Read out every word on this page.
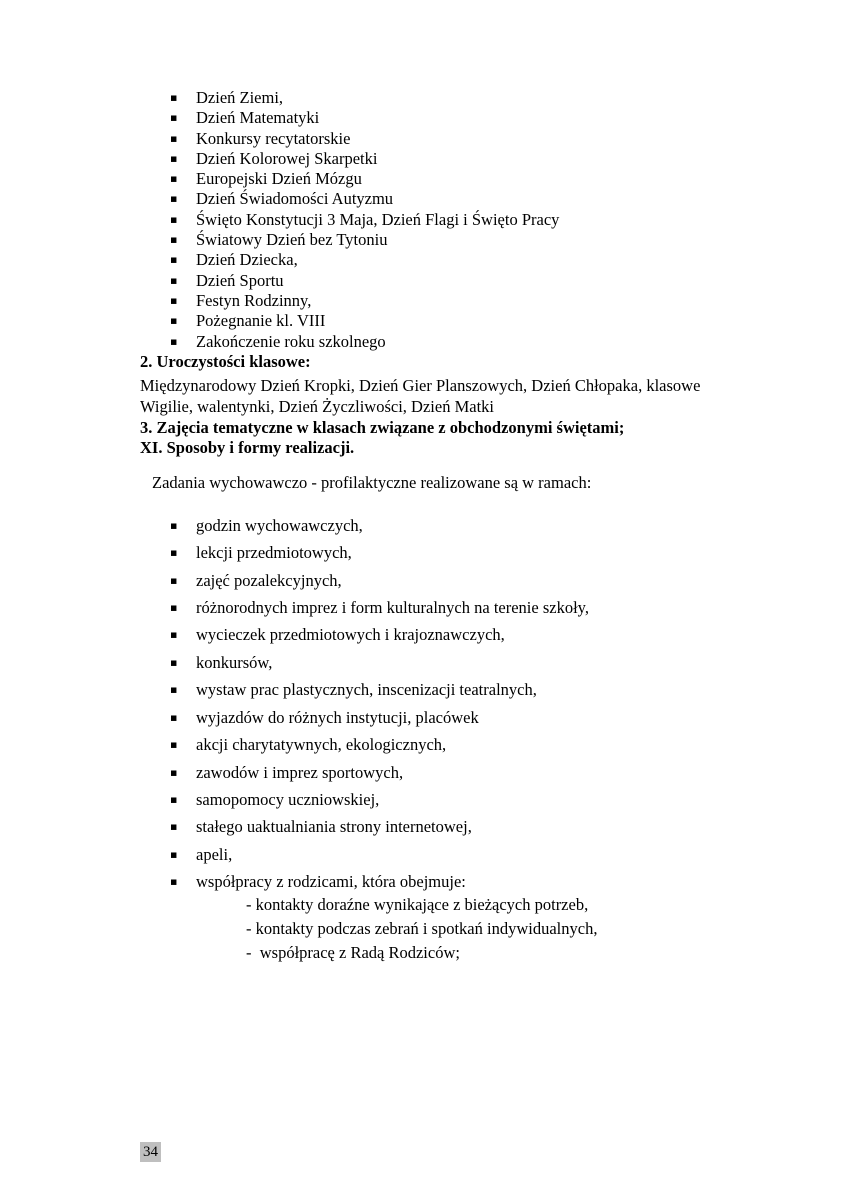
▪ Dzień Ziemi,
▪ Dzień Matematyki
▪ Konkursy recytatorskie
▪ Dzień Kolorowej Skarpetki
▪ Europejski Dzień Mózgu
▪ Dzień Świadomości Autyzmu
▪ Święto Konstytucji 3 Maja, Dzień Flagi i Święto Pracy
▪ Światowy Dzień bez Tytoniu
▪ Dzień Dziecka,
▪ Dzień Sportu
▪ Festyn Rodzinny,
▪ Pożegnanie kl. VIII
▪ Zakończenie roku szkolnego
2. Uroczystości klasowe:

Międzynarodowy Dzień Kropki, Dzień Gier Planszowych, Dzień Chłopaka, klasowe Wigilie, walentynki, Dzień Życzliwości, Dzień Matki

3. Zajęcia tematyczne w klasach związane z obchodzonymi świętami;
XI. Sposoby i formy realizacji.

Zadania wychowawczo - profilaktyczne realizowane są w ramach:

▪ godzin wychowawczych,
▪ lekcji przedmiotowych,
▪ zajęć pozalekcyjnych,
▪ różnorodnych imprez i form kulturalnych na terenie szkoły,
▪ wycieczek przedmiotowych i krajoznawczych,
▪ konkursów,
▪ wystaw prac plastycznych, inscenizacji teatralnych,
▪ wyjazdów do różnych instytucji, placówek
▪ akcji charytatywnych, ekologicznych,
▪ zawodów i imprez sportowych,
▪ samopomocy uczniowskiej,
▪ stałego uaktualniania strony internetowej,
▪ apeli,
▪ współpracy z rodzicami, która obejmuje:
- kontakty doraźne wynikające z bieżących potrzeb,
- kontakty podczas zebrań i spotkań indywidualnych,
-  współpracę z Radą Rodziców;
34
